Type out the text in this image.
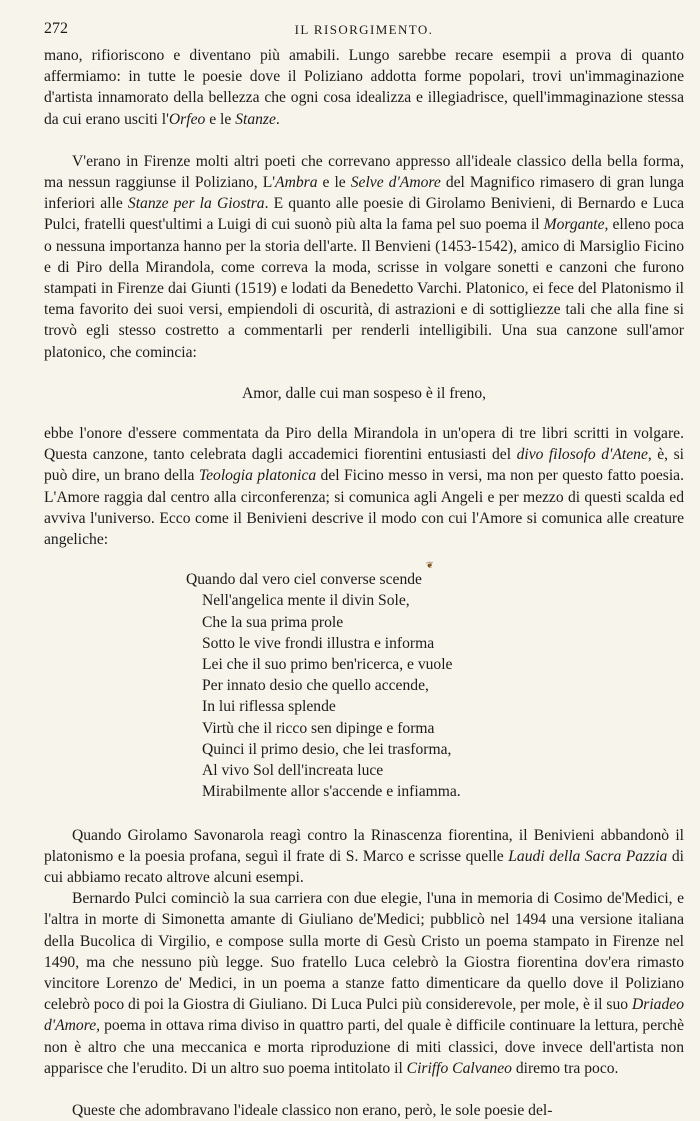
272	IL RISORGIMENTO.

mano, rifioriscono e diventano più amabili. Lungo sarebbe recare esempii a prova di quanto affermiamo: in tutte le poesie dove il Poliziano addotta forme popolari, trovi un'immaginazione d'artista innamorato della bellezza che ogni cosa idealizza e illegiadrisce, quell'immaginazione stessa da cui erano usciti l'Orfeo e le Stanze.

V'erano in Firenze molti altri poeti che correvano appresso all'ideale classico della bella forma, ma nessun raggiunse il Poliziano, L'Ambra e le Selve d'Amore del Magnifico rimasero di gran lunga inferiori alle Stanze per la Giostra. E quanto alle poesie di Girolamo Benivieni, di Bernardo e Luca Pulci, fratelli quest'ultimi a Luigi di cui suonò più alta la fama pel suo poema il Morgante, elleno poca o nessuna importanza hanno per la storia dell'arte. Il Benvieni (1453-1542), amico di Marsiglio Ficino e di Piro della Mirandola, come correva la moda, scrisse in volgare sonetti e canzoni che furono stampati in Firenze dai Giunti (1519) e lodati da Benedetto Varchi. Platonico, ei fece del Platonismo il tema favorito dei suoi versi, empiendoli di oscurità, di astrazioni e di sottigliezze tali che alla fine si trovò egli stesso costretto a commentarli per renderli intelligibili. Una sua canzone sull'amor platonico, che comincia:

Amor, dalle cui man sospeso è il freno,

ebbe l'onore d'essere commentata da Piro della Mirandola in un'opera di tre libri scritti in volgare. Questa canzone, tanto celebrata dagli accademici fiorentini entusiasti del divo filosofo d'Atene, è, si può dire, un brano della Teologia platonica del Ficino messo in versi, ma non per questo fatto poesia. L'Amore raggia dal centro alla circonferenza; si comunica agli Angeli e per mezzo di questi scalda ed avviva l'universo. Ecco come il Benivieni descrive il modo con cui l'Amore si comunica alle creature angeliche:

❦
Quando dal vero ciel converse scende
Nell'angelica mente il divin Sole,
Che la sua prima prole
Sotto le vive frondi illustra e informa
Lei che il suo primo ben'ricerca, e vuole
Per innato desio che quello accende,
In lui riflessa splende
Virtù che il ricco sen dipinge e forma
Quinci il primo desio, che lei trasforma,
Al vivo Sol dell'increata luce
Mirabilmente allor s'accende e infiamma.

Quando Girolamo Savonarola reagì contro la Rinascenza fiorentina, il Benivieni abbandonò il platonismo e la poesia profana, seguì il frate di S. Marco e scrisse quelle Laudi della Sacra Pazzia di cui abbiamo recato altrove alcuni esempi.

Bernardo Pulci cominciò la sua carriera con due elegie, l'una in memoria di Cosimo de'Medici, e l'altra in morte di Simonetta amante di Giuliano de'Medici; pubblicò nel 1494 una versione italiana della Bucolica di Virgilio, e compose sulla morte di Gesù Cristo un poema stampato in Firenze nel 1490, ma che nessuno più legge. Suo fratello Luca celebrò la Giostra fiorentina dov'era rimasto vincitore Lorenzo de' Medici, in un poema a stanze fatto dimenticare da quello dove il Poliziano celebrò poco di poi la Giostra di Giuliano. Di Luca Pulci più considerevole, per mole, è il suo Driadeo d'Amore, poema in ottava rima diviso in quattro parti, del quale è difficile continuare la lettura, perchè non è altro che una meccanica e morta riproduzione di miti classici, dove invece dell'artista non apparisce che l'erudito. Di un altro suo poema intitolato il Ciriffo Calvaneo diremo tra poco.

Queste che adombravano l'ideale classico non erano, però, le sole poesie del-
